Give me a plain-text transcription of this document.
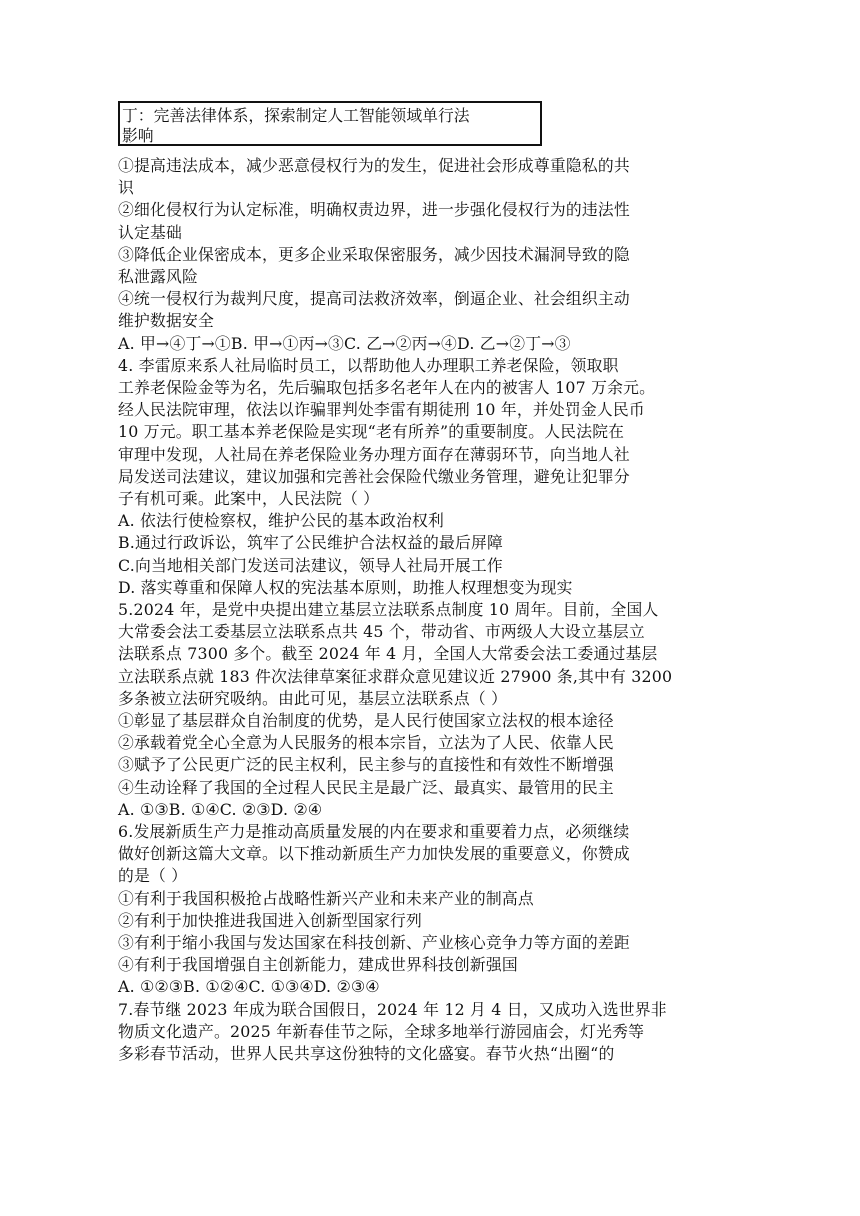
丁：完善法律体系，探索制定人工智能领域单行法
影响
①提高违法成本，减少恶意侵权行为的发生，促进社会形成尊重隐私的共
识
②细化侵权行为认定标准，明确权责边界，进一步强化侵权行为的违法性
认定基础
③降低企业保密成本，更多企业采取保密服务，减少因技术漏洞导致的隐
私泄露风险
④统一侵权行为裁判尺度，提高司法救济效率，倒逼企业、社会组织主动
维护数据安全
A. 甲→④丁→①B. 甲→①丙→③C. 乙→②丙→④D. 乙→②丁→③
4. 李雷原来系人社局临时员工，以帮助他人办理职工养老保险，领取职
工养老保险金等为名，先后骗取包括多名老年人在内的被害人 107 万余元。
经人民法院审理，依法以诈骗罪判处李雷有期徒刑 10 年，并处罚金人民币
10 万元。职工基本养老保险是实现“老有所养”的重要制度。人民法院在
审理中发现，人社局在养老保险业务办理方面存在薄弱环节，向当地人社
局发送司法建议，建议加强和完善社会保险代缴业务管理，避免让犯罪分
子有机可乘。此案中，人民法院（ ）
A. 依法行使检察权，维护公民的基本政治权利
B.通过行政诉讼，筑牢了公民维护合法权益的最后屏障
C.向当地相关部门发送司法建议，领导人社局开展工作
D. 落实尊重和保障人权的宪法基本原则，助推人权理想变为现实
5.2024 年，是党中央提出建立基层立法联系点制度 10 周年。目前，全国人
大常委会法工委基层立法联系点共 45 个，带动省、市两级人大设立基层立
法联系点 7300 多个。截至 2024 年 4 月，全国人大常委会法工委通过基层
立法联系点就 183 件次法律草案征求群众意见建议近 27900 条,其中有 3200
多条被立法研究吸纳。由此可见，基层立法联系点（ ）
①彰显了基层群众自治制度的优势，是人民行使国家立法权的根本途径
②承载着党全心全意为人民服务的根本宗旨，立法为了人民、依靠人民
③赋予了公民更广泛的民主权利，民主参与的直接性和有效性不断增强
④生动诠释了我国的全过程人民民主是最广泛、最真实、最管用的民主
A. ①③B. ①④C. ②③D. ②④
6.发展新质生产力是推动高质量发展的内在要求和重要着力点，必须继续
做好创新这篇大文章。以下推动新质生产力加快发展的重要意义，你赞成
的是（ ）
①有利于我国积极抢占战略性新兴产业和未来产业的制高点
②有利于加快推进我国进入创新型国家行列
③有利于缩小我国与发达国家在科技创新、产业核心竞争力等方面的差距
④有利于我国增强自主创新能力，建成世界科技创新强国
A. ①②③B. ①②④C. ①③④D. ②③④
7.春节继 2023 年成为联合国假日，2024 年 12 月 4 日，又成功入选世界非
物质文化遗产。2025 年新春佳节之际，全球多地举行游园庙会，灯光秀等
多彩春节活动，世界人民共享这份独特的文化盛宴。春节火热“出圈“的
